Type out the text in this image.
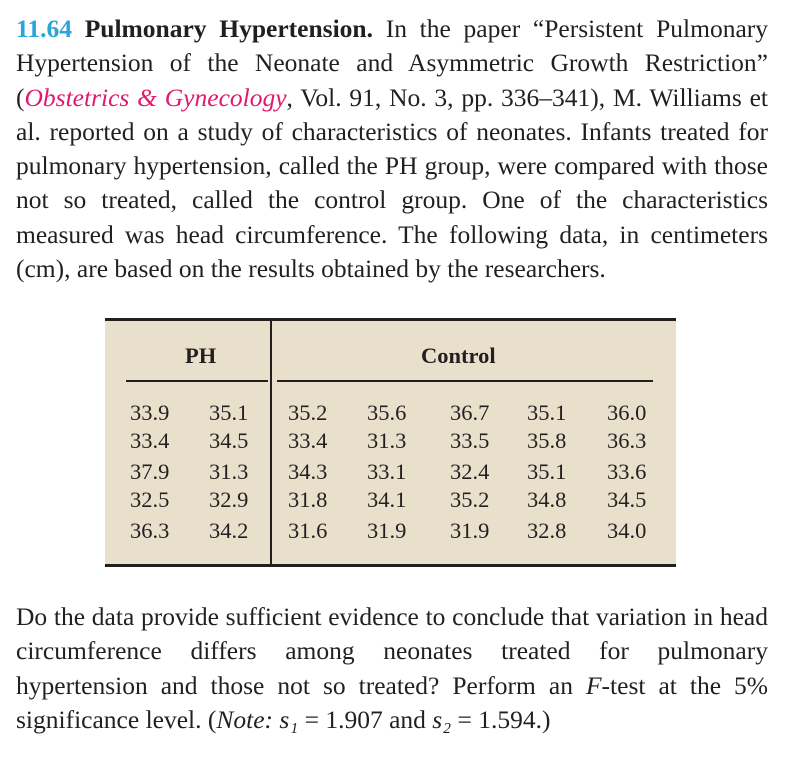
11.64 Pulmonary Hypertension. In the paper “Persistent Pulmonary Hypertension of the Neonate and Asymmetric Growth Restriction” (Obstetrics & Gynecology, Vol. 91, No. 3, pp. 336–341), M. Williams et al. reported on a study of characteristics of neonates. Infants treated for pulmonary hypertension, called the PH group, were compared with those not so treated, called the control group. One of the characteristics measured was head circumference. The following data, in centimeters (cm), are based on the results obtained by the researchers.

PH	Control
33.9 35.1
33.4 34.5
37.9 31.3
32.5 32.9
36.3 34.2
35.2 35.6 36.7 35.1 36.0
33.4 31.3 33.5 35.8 36.3
34.3 33.1 32.4 35.1 33.6
31.8 34.1 35.2 34.8 34.5
31.6 31.9 31.9 32.8 34.0

Do the data provide sufficient evidence to conclude that variation in head circumference differs among neonates treated for pulmonary hypertension and those not so treated? Perform an F-test at the 5% significance level. (Note: s₁ = 1.907 and s₂ = 1.594.)
